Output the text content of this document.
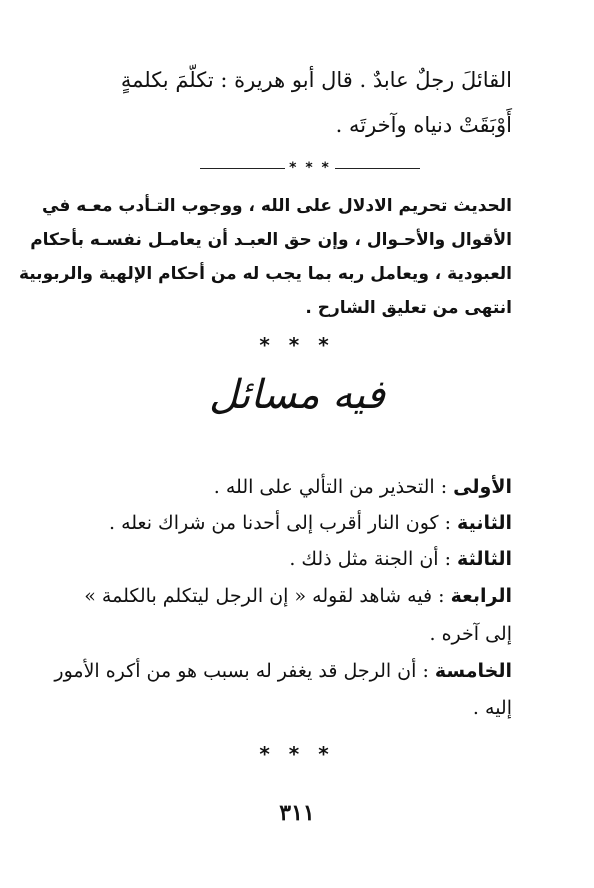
القائلَ رجلٌ عابدٌ . قال أبو هريرة : تكلّمَ بكلمةٍ
أَوْبَقَتْ دنياه وآخرتَه .
* * *
الحديث تحريم الادلال على الله ، ووجوب التـأدب معـه في
الأقوال والأحـوال ، وإن حق العبـد أن يعامـل نفسـه بأحكام
العبودية ، ويعامل ربه بما يجب له من أحكام الإلهية والربوبية
انتهى من تعليق الشارح .
* * *
فيه مسائل
الأولى : التحذير من التألي على الله .
الثانية : كون النار أقرب إلى أحدنا من شراك نعله .
الثالثة : أن الجنة مثل ذلك .
الرابعة : فيه شاهد لقوله « إن الرجل ليتكلم بالكلمة »
إلى آخره .
الخامسة : أن الرجل قد يغفر له بسبب هو من أكره الأمور
إليه .
* * *
٣١١
